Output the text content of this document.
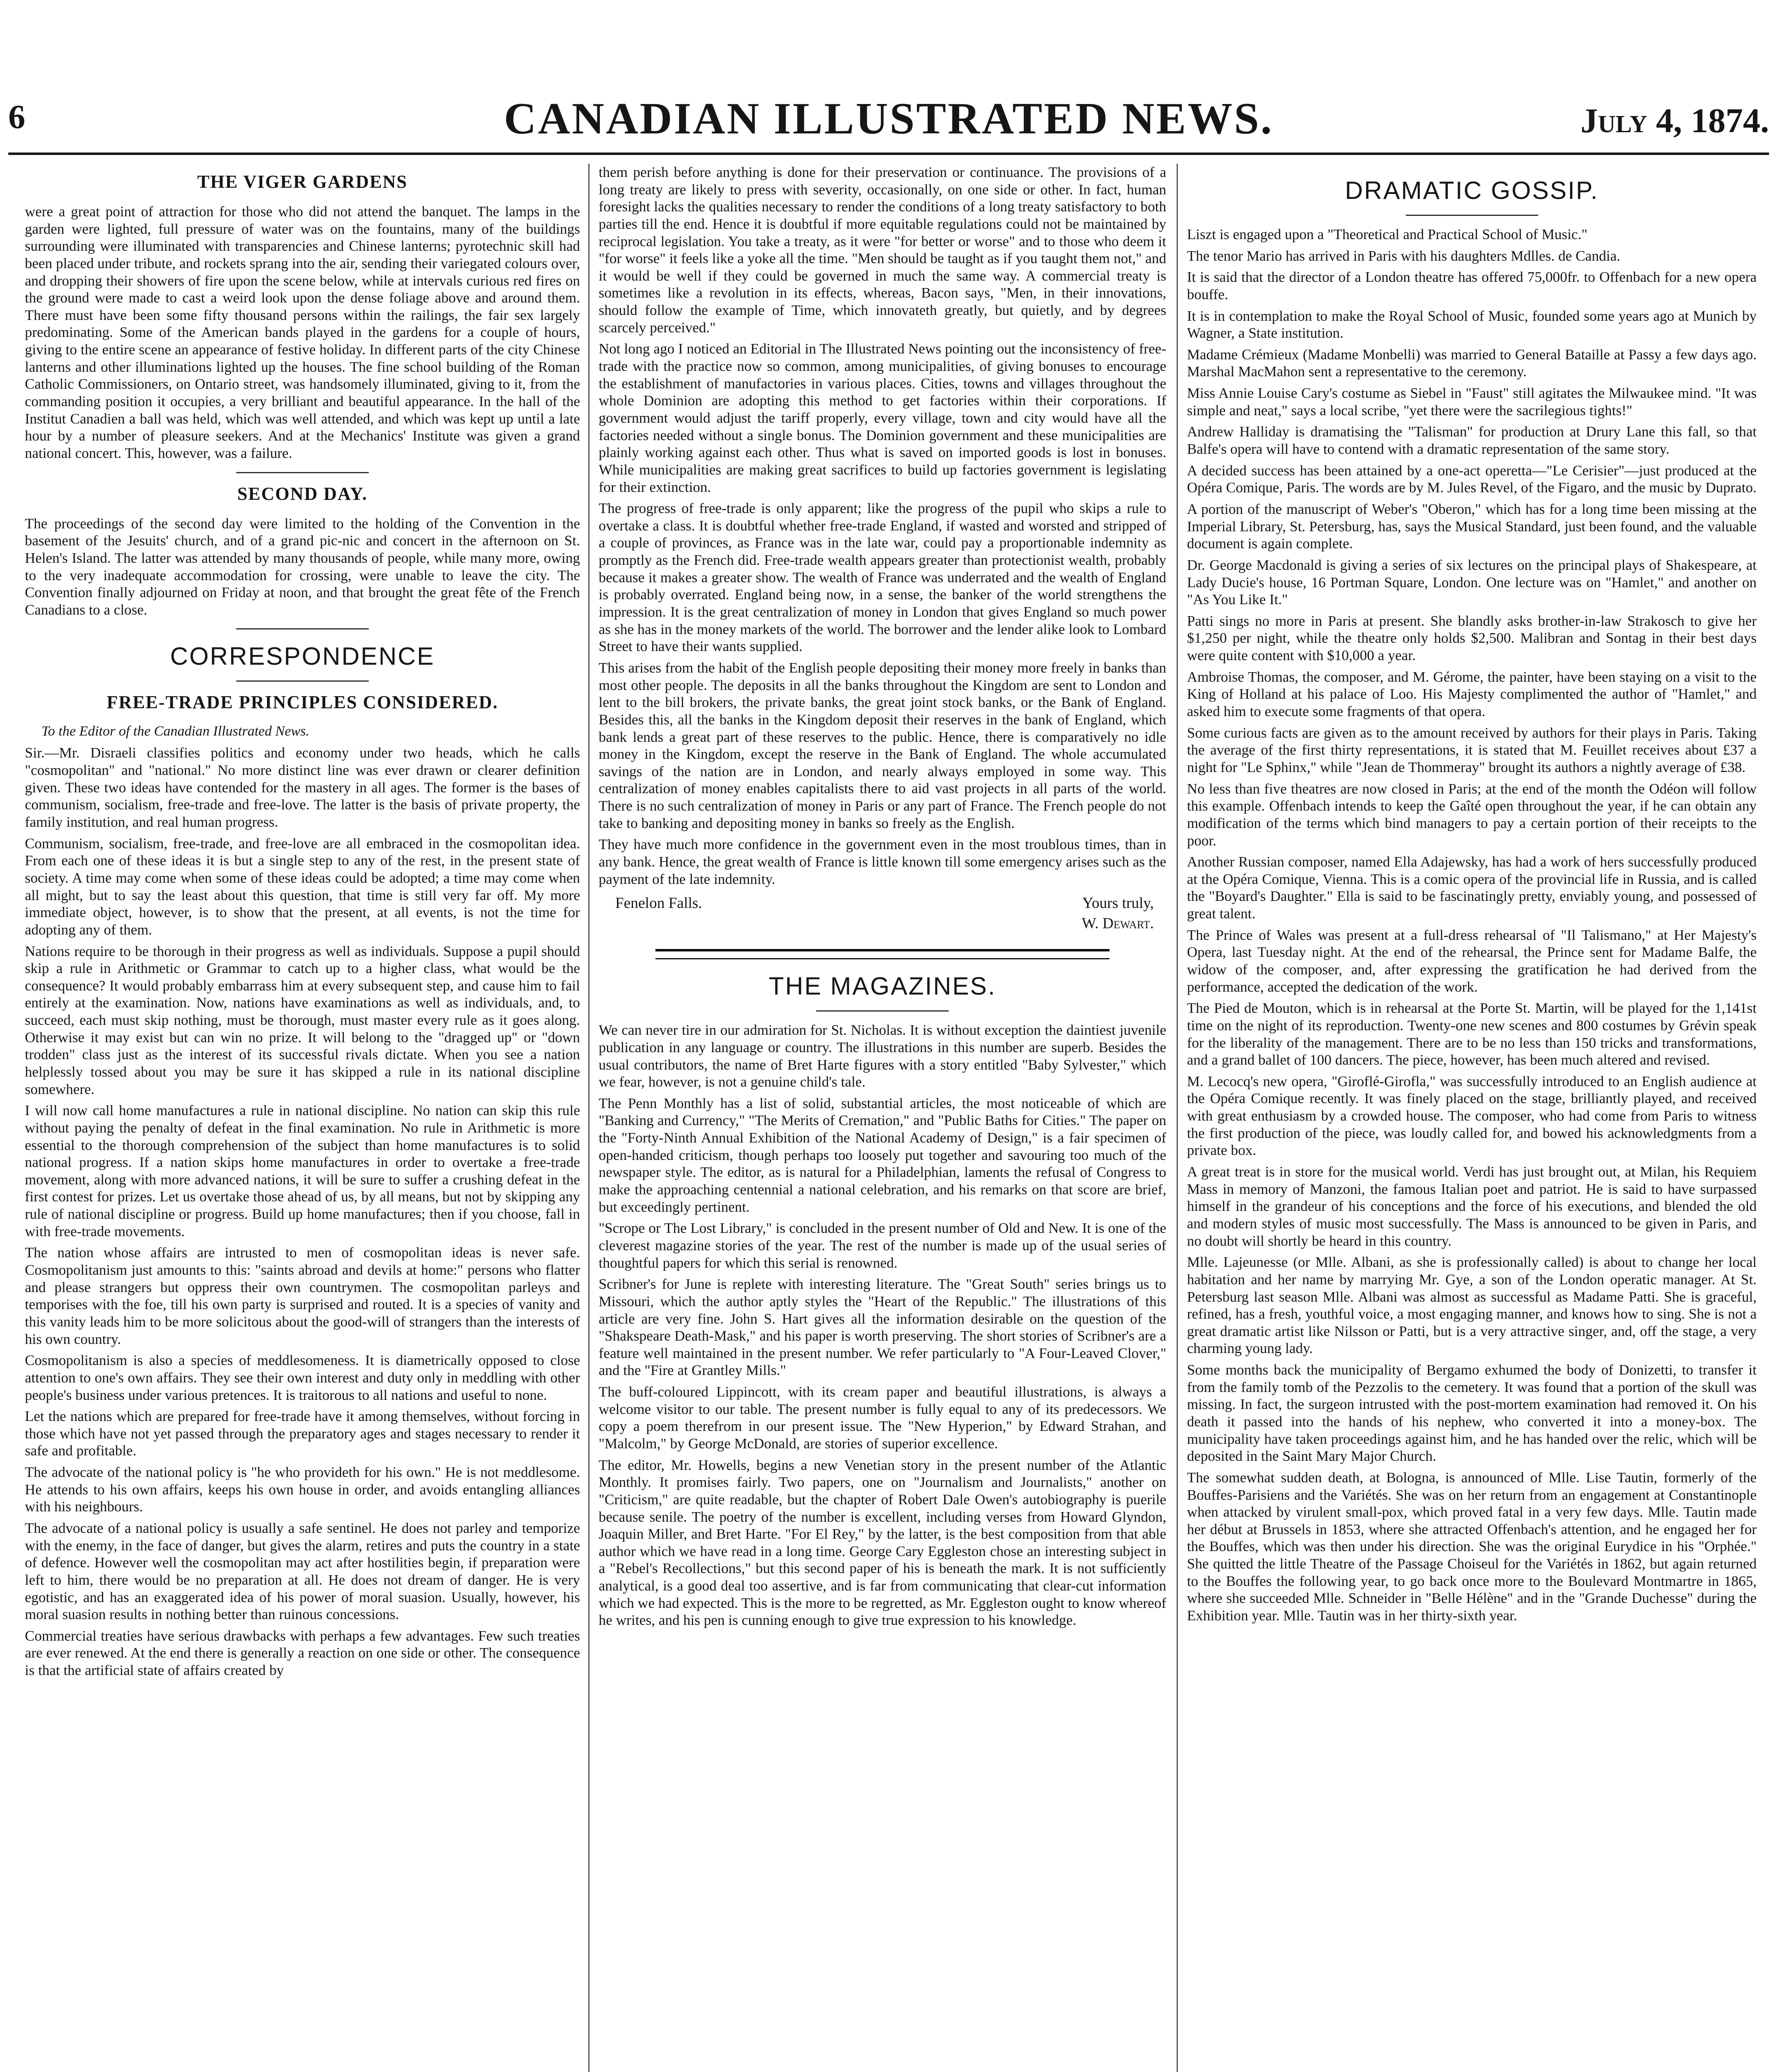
6	CANADIAN ILLUSTRATED NEWS.	July 4, 1874.
THE VIGER GARDENS

were a great point of attraction for those who did not attend the banquet. The lamps in the garden were lighted, full pressure of water was on the fountains, many of the buildings surrounding were illuminated with transparencies and Chinese lanterns; pyrotechnic skill had been placed under tribute, and rockets sprang into the air, sending their variegated colours over, and dropping their showers of fire upon the scene below, while at intervals curious red fires on the ground were made to cast a weird look upon the dense foliage above and around them. There must have been some fifty thousand persons within the railings, the fair sex largely predominating. Some of the American bands played in the gardens for a couple of hours, giving to the entire scene an appearance of festive holiday. In different parts of the city Chinese lanterns and other illuminations lighted up the houses. The fine school building of the Roman Catholic Commissioners, on Ontario street, was handsomely illuminated, giving to it, from the commanding position it occupies, a very brilliant and beautiful appearance. In the hall of the Institut Canadien a ball was held, which was well attended, and which was kept up until a late hour by a number of pleasure seekers. And at the Mechanics' Institute was given a grand national concert. This, however, was a failure.

SECOND DAY.

The proceedings of the second day were limited to the holding of the Convention in the basement of the Jesuits' church, and of a grand pic-nic and concert in the afternoon on St. Helen's Island. The latter was attended by many thousands of people, while many more, owing to the very inadequate accommodation for crossing, were unable to leave the city. The Convention finally adjourned on Friday at noon, and that brought the great fête of the French Canadians to a close.

CORRESPONDENCE
FREE-TRADE PRINCIPLES CONSIDERED.
To the Editor of the Canadian Illustrated News.

Sir.—Mr. Disraeli classifies politics and economy under two heads, which he calls "cosmopolitan" and "national." No more distinct line was ever drawn or clearer definition given. These two ideas have contended for the mastery in all ages. The former is the bases of communism, socialism, free-trade and free-love. The latter is the basis of private property, the family institution, and real human progress.

Communism, socialism, free-trade, and free-love are all embraced in the cosmopolitan idea. From each one of these ideas it is but a single step to any of the rest, in the present state of society. A time may come when some of these ideas could be adopted; a time may come when all might, but to say the least about this question, that time is still very far off. My more immediate object, however, is to show that the present, at all events, is not the time for adopting any of them.

Nations require to be thorough in their progress as well as individuals. Suppose a pupil should skip a rule in Arithmetic or Grammar to catch up to a higher class, what would be the consequence? It would probably embarrass him at every subsequent step, and cause him to fail entirely at the examination. Now, nations have examinations as well as individuals, and, to succeed, each must skip nothing, must be thorough, must master every rule as it goes along. Otherwise it may exist but can win no prize. It will belong to the "dragged up" or "down trodden" class just as the interest of its successful rivals dictate. When you see a nation helplessly tossed about you may be sure it has skipped a rule in its national discipline somewhere.

I will now call home manufactures a rule in national discipline. No nation can skip this rule without paying the penalty of defeat in the final examination. No rule in Arithmetic is more essential to the thorough comprehension of the subject than home manufactures is to solid national progress. If a nation skips home manufactures in order to overtake a free-trade movement, along with more advanced nations, it will be sure to suffer a crushing defeat in the first contest for prizes. Let us overtake those ahead of us, by all means, but not by skipping any rule of national discipline or progress. Build up home manufactures; then if you choose, fall in with free-trade movements.

The nation whose affairs are intrusted to men of cosmopolitan ideas is never safe. Cosmopolitanism just amounts to this: "saints abroad and devils at home:" persons who flatter and please strangers but oppress their own countrymen. The cosmopolitan parleys and temporises with the foe, till his own party is surprised and routed. It is a species of vanity and this vanity leads him to be more solicitous about the good-will of strangers than the interests of his own country.

Cosmopolitanism is also a species of meddlesomeness. It is diametrically opposed to close attention to one's own affairs. They see their own interest and duty only in meddling with other people's business under various pretences. It is traitorous to all nations and useful to none.

Let the nations which are prepared for free-trade have it among themselves, without forcing in those which have not yet passed through the preparatory ages and stages necessary to render it safe and profitable.

The advocate of the national policy is "he who provideth for his own." He is not meddlesome. He attends to his own affairs, keeps his own house in order, and avoids entangling alliances with his neighbours.

The advocate of a national policy is usually a safe sentinel. He does not parley and temporize with the enemy, in the face of danger, but gives the alarm, retires and puts the country in a state of defence. However well the cosmopolitan may act after hostilities begin, if preparation were left to him, there would be no preparation at all. He does not dream of danger. He is very egotistic, and has an exaggerated idea of his power of moral suasion. Usually, however, his moral suasion results in nothing better than ruinous concessions.

Commercial treaties have serious drawbacks with perhaps a few advantages. Few such treaties are ever renewed. At the end there is generally a reaction on one side or other. The consequence is that the artificial state of affairs created by

them perish before anything is done for their preservation or continuance. The provisions of a long treaty are likely to press with severity, occasionally, on one side or other. In fact, human foresight lacks the qualities necessary to render the conditions of a long treaty satisfactory to both parties till the end. Hence it is doubtful if more equitable regulations could not be maintained by reciprocal legislation. You take a treaty, as it were "for better or worse" and to those who deem it "for worse" it feels like a yoke all the time. "Men should be taught as if you taught them not," and it would be well if they could be governed in much the same way. A commercial treaty is sometimes like a revolution in its effects, whereas, Bacon says, "Men, in their innovations, should follow the example of Time, which innovateth greatly, but quietly, and by degrees scarcely perceived."

Not long ago I noticed an Editorial in The Illustrated News pointing out the inconsistency of free-trade with the practice now so common, among municipalities, of giving bonuses to encourage the establishment of manufactories in various places. Cities, towns and villages throughout the whole Dominion are adopting this method to get factories within their corporations. If government would adjust the tariff properly, every village, town and city would have all the factories needed without a single bonus. The Dominion government and these municipalities are plainly working against each other. Thus what is saved on imported goods is lost in bonuses. While municipalities are making great sacrifices to build up factories government is legislating for their extinction.

The progress of free-trade is only apparent; like the progress of the pupil who skips a rule to overtake a class. It is doubtful whether free-trade England, if wasted and worsted and stripped of a couple of provinces, as France was in the late war, could pay a proportionable indemnity as promptly as the French did. Free-trade wealth appears greater than protectionist wealth, probably because it makes a greater show. The wealth of France was underrated and the wealth of England is probably overrated. England being now, in a sense, the banker of the world strengthens the impression. It is the great centralization of money in London that gives England so much power as she has in the money markets of the world. The borrower and the lender alike look to Lombard Street to have their wants supplied.

This arises from the habit of the English people depositing their money more freely in banks than most other people. The deposits in all the banks throughout the Kingdom are sent to London and lent to the bill brokers, the private banks, the great joint stock banks, or the Bank of England. Besides this, all the banks in the Kingdom deposit their reserves in the bank of England, which bank lends a great part of these reserves to the public. Hence, there is comparatively no idle money in the Kingdom, except the reserve in the Bank of England. The whole accumulated savings of the nation are in London, and nearly always employed in some way. This centralization of money enables capitalists there to aid vast projects in all parts of the world. There is no such centralization of money in Paris or any part of France. The French people do not take to banking and depositing money in banks so freely as the English.

They have much more confidence in the government even in the most troublous times, than in any bank. Hence, the great wealth of France is little known till some emergency arises such as the payment of the late indemnity.

Fenelon Falls.	Yours truly,
W. Dewart.
THE MAGAZINES.

We can never tire in our admiration for St. Nicholas. It is without exception the daintiest juvenile publication in any language or country. The illustrations in this number are superb. Besides the usual contributors, the name of Bret Harte figures with a story entitled "Baby Sylvester," which we fear, however, is not a genuine child's tale.

The Penn Monthly has a list of solid, substantial articles, the most noticeable of which are "Banking and Currency," "The Merits of Cremation," and "Public Baths for Cities." The paper on the "Forty-Ninth Annual Exhibition of the National Academy of Design," is a fair specimen of open-handed criticism, though perhaps too loosely put together and savouring too much of the newspaper style. The editor, as is natural for a Philadelphian, laments the refusal of Congress to make the approaching centennial a national celebration, and his remarks on that score are brief, but exceedingly pertinent.

"Scrope or The Lost Library," is concluded in the present number of Old and New. It is one of the cleverest magazine stories of the year. The rest of the number is made up of the usual series of thoughtful papers for which this serial is renowned.

Scribner's for June is replete with interesting literature. The "Great South" series brings us to Missouri, which the author aptly styles the "Heart of the Republic." The illustrations of this article are very fine. John S. Hart gives all the information desirable on the question of the "Shakspeare Death-Mask," and his paper is worth preserving. The short stories of Scribner's are a feature well maintained in the present number. We refer particularly to "A Four-Leaved Clover," and the "Fire at Grantley Mills."

The buff-coloured Lippincott, with its cream paper and beautiful illustrations, is always a welcome visitor to our table. The present number is fully equal to any of its predecessors. We copy a poem therefrom in our present issue. The "New Hyperion," by Edward Strahan, and "Malcolm," by George McDonald, are stories of superior excellence.

The editor, Mr. Howells, begins a new Venetian story in the present number of the Atlantic Monthly. It promises fairly. Two papers, one on "Journalism and Journalists," another on "Criticism," are quite readable, but the chapter of Robert Dale Owen's autobiography is puerile because senile. The poetry of the number is excellent, including verses from Howard Glyndon, Joaquin Miller, and Bret Harte. "For El Rey," by the latter, is the best composition from that able author which we have read in a long time. George Cary Eggleston chose an interesting subject in a "Rebel's Recollections," but this second paper of his is beneath the mark. It is not sufficiently analytical, is a good deal too assertive, and is far from communicating that clear-cut information which we had expected. This is the more to be regretted, as Mr. Eggleston ought to know whereof he writes, and his pen is cunning enough to give true expression to his knowledge.

DRAMATIC GOSSIP.

Liszt is engaged upon a "Theoretical and Practical School of Music."

The tenor Mario has arrived in Paris with his daughters Mdlles. de Candia.

It is said that the director of a London theatre has offered 75,000fr. to Offenbach for a new opera bouffe.

It is in contemplation to make the Royal School of Music, founded some years ago at Munich by Wagner, a State institution.

Madame Crémieux (Madame Monbelli) was married to General Bataille at Passy a few days ago. Marshal MacMahon sent a representative to the ceremony.

Miss Annie Louise Cary's costume as Siebel in "Faust" still agitates the Milwaukee mind. "It was simple and neat," says a local scribe, "yet there were the sacrilegious tights!"

Andrew Halliday is dramatising the "Talisman" for production at Drury Lane this fall, so that Balfe's opera will have to contend with a dramatic representation of the same story.

A decided success has been attained by a one-act operetta—"Le Cerisier"—just produced at the Opéra Comique, Paris. The words are by M. Jules Revel, of the Figaro, and the music by Duprato.

A portion of the manuscript of Weber's "Oberon," which has for a long time been missing at the Imperial Library, St. Petersburg, has, says the Musical Standard, just been found, and the valuable document is again complete.

Dr. George Macdonald is giving a series of six lectures on the principal plays of Shakespeare, at Lady Ducie's house, 16 Portman Square, London. One lecture was on "Hamlet," and another on "As You Like It."

Patti sings no more in Paris at present. She blandly asks brother-in-law Strakosch to give her $1,250 per night, while the theatre only holds $2,500. Malibran and Sontag in their best days were quite content with $10,000 a year.

Ambroise Thomas, the composer, and M. Gérome, the painter, have been staying on a visit to the King of Holland at his palace of Loo. His Majesty complimented the author of "Hamlet," and asked him to execute some fragments of that opera.

Some curious facts are given as to the amount received by authors for their plays in Paris. Taking the average of the first thirty representations, it is stated that M. Feuillet receives about £37 a night for "Le Sphinx," while "Jean de Thommeray" brought its authors a nightly average of £38.

No less than five theatres are now closed in Paris; at the end of the month the Odéon will follow this example. Offenbach intends to keep the Gaîté open throughout the year, if he can obtain any modification of the terms which bind managers to pay a certain portion of their receipts to the poor.

Another Russian composer, named Ella Adajewsky, has had a work of hers successfully produced at the Opéra Comique, Vienna. This is a comic opera of the provincial life in Russia, and is called the "Boyard's Daughter." Ella is said to be fascinatingly pretty, enviably young, and possessed of great talent.

The Prince of Wales was present at a full-dress rehearsal of "Il Talismano," at Her Majesty's Opera, last Tuesday night. At the end of the rehearsal, the Prince sent for Madame Balfe, the widow of the composer, and, after expressing the gratification he had derived from the performance, accepted the dedication of the work.

The Pied de Mouton, which is in rehearsal at the Porte St. Martin, will be played for the 1,141st time on the night of its reproduction. Twenty-one new scenes and 800 costumes by Grévin speak for the liberality of the management. There are to be no less than 150 tricks and transformations, and a grand ballet of 100 dancers. The piece, however, has been much altered and revised.

M. Lecocq's new opera, "Giroflé-Girofla," was successfully introduced to an English audience at the Opéra Comique recently. It was finely placed on the stage, brilliantly played, and received with great enthusiasm by a crowded house. The composer, who had come from Paris to witness the first production of the piece, was loudly called for, and bowed his acknowledgments from a private box.

A great treat is in store for the musical world. Verdi has just brought out, at Milan, his Requiem Mass in memory of Manzoni, the famous Italian poet and patriot. He is said to have surpassed himself in the grandeur of his conceptions and the force of his executions, and blended the old and modern styles of music most successfully. The Mass is announced to be given in Paris, and no doubt will shortly be heard in this country.

Mlle. Lajeunesse (or Mlle. Albani, as she is professionally called) is about to change her local habitation and her name by marrying Mr. Gye, a son of the London operatic manager. At St. Petersburg last season Mlle. Albani was almost as successful as Madame Patti. She is graceful, refined, has a fresh, youthful voice, a most engaging manner, and knows how to sing. She is not a great dramatic artist like Nilsson or Patti, but is a very attractive singer, and, off the stage, a very charming young lady.

Some months back the municipality of Bergamo exhumed the body of Donizetti, to transfer it from the family tomb of the Pezzolis to the cemetery. It was found that a portion of the skull was missing. In fact, the surgeon intrusted with the post-mortem examination had removed it. On his death it passed into the hands of his nephew, who converted it into a money-box. The municipality have taken proceedings against him, and he has handed over the relic, which will be deposited in the Saint Mary Major Church.

The somewhat sudden death, at Bologna, is announced of Mlle. Lise Tautin, formerly of the Bouffes-Parisiens and the Variétés. She was on her return from an engagement at Constantinople when attacked by virulent small-pox, which proved fatal in a very few days. Mlle. Tautin made her début at Brussels in 1853, where she attracted Offenbach's attention, and he engaged her for the Bouffes, which was then under his direction. She was the original Eurydice in his "Orphée." She quitted the little Theatre of the Passage Choiseul for the Variétés in 1862, but again returned to the Bouffes the following year, to go back once more to the Boulevard Montmartre in 1865, where she succeeded Mlle. Schneider in "Belle Hélène" and in the "Grande Duchesse" during the Exhibition year. Mlle. Tautin was in her thirty-sixth year.
